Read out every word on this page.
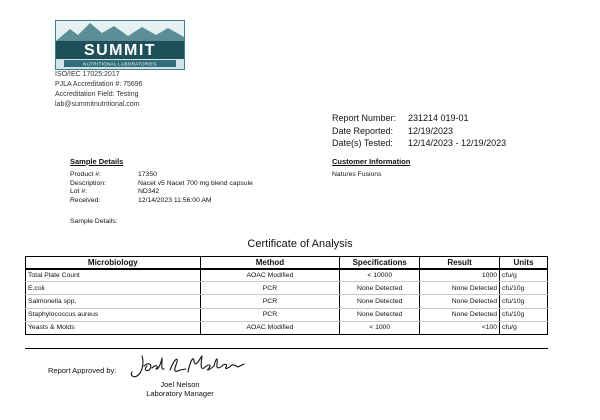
SUMMIT
NUTRITIONAL LABORATORIES
ISO/IEC 17025:2017
PJLA Accreditation #: 75696
Accreditation Field: Testing
lab@summitnutritional.com
Report Number:	231214 019-01
Date Reported:	12/19/2023
Date(s) Tested:	12/14/2023 - 12/19/2023
Sample Details
Product #:	17350
Description:	Nacet v5 Nacet 700 mg blend capsule
Lot #:	ND342
Received:	12/14/2023 11:56:00 AM
Sample Details:
Customer Information
Natures Fusions
Certificate of Analysis
Microbiology	Method	Specifications	Result	Units
Total Plate Count	AOAC Modified	< 10000	1000	cfu/g
E.coli	PCR	None Detected	None Detected	cfu/10g
Salmonella spp.	PCR	None Detected	None Detected	cfu/10g
Staphylococcus aureus	PCR	None Detected	None Detected	cfu/10g
Yeasts & Molds	AOAC Modified	< 1000	<100	cfu/g
Report Approved by:
Joel Nelson
Laboratory Manager
